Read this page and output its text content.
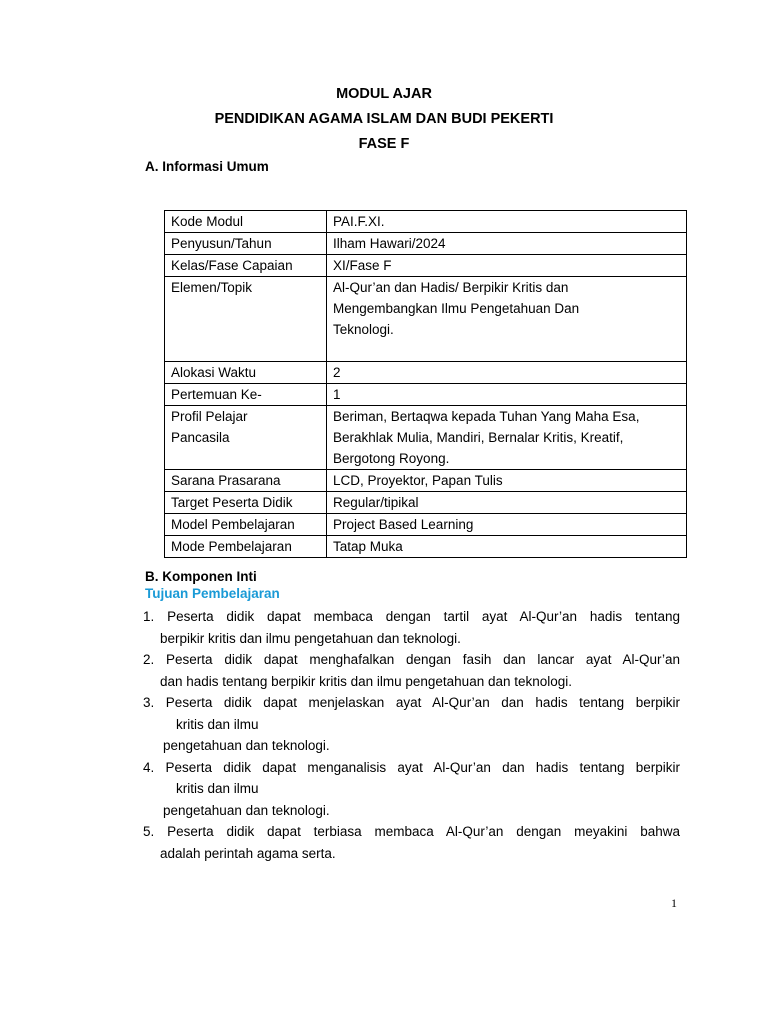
MODUL AJAR
PENDIDIKAN AGAMA ISLAM DAN BUDI PEKERTI
FASE F
A. Informasi Umum
Kode Modul	PAI.F.XI.

Penyusun/Tahun	Ilham Hawari/2024

Kelas/Fase Capaian	XI/Fase F

Elemen/Topik	Al-Qur’an dan Hadis/ Berpikir Kritis dan
Mengembangkan Ilmu Pengetahuan Dan
Teknologi.

Alokasi Waktu	2

Pertemuan Ke-	1

Profil Pelajar
Pancasila	Beriman, Bertaqwa kepada Tuhan Yang Maha Esa,
Berakhlak Mulia, Mandiri, Bernalar Kritis, Kreatif,
Bergotong Royong.

Sarana Prasarana	LCD, Proyektor, Papan Tulis

Target Peserta Didik	Regular/tipikal

Model Pembelajaran	Project Based Learning

Mode Pembelajaran	Tatap Muka
B. Komponen Inti
Tujuan Pembelajaran
1. Peserta didik dapat membaca dengan tartil ayat Al-Qur’an hadis tentang
berpikir kritis dan ilmu pengetahuan dan teknologi.
2. Peserta didik dapat menghafalkan dengan fasih dan lancar ayat Al-Qur’an
dan hadis tentang berpikir kritis dan ilmu pengetahuan dan teknologi.
3. Peserta didik dapat menjelaskan ayat Al-Qur’an dan hadis tentang berpikir
kritis dan ilmu
pengetahuan dan teknologi.
4. Peserta didik dapat menganalisis ayat Al-Qur’an dan hadis tentang berpikir
kritis dan ilmu
pengetahuan dan teknologi.
5. Peserta didik dapat terbiasa membaca Al-Qur’an dengan meyakini bahwa
adalah perintah agama serta.
1
